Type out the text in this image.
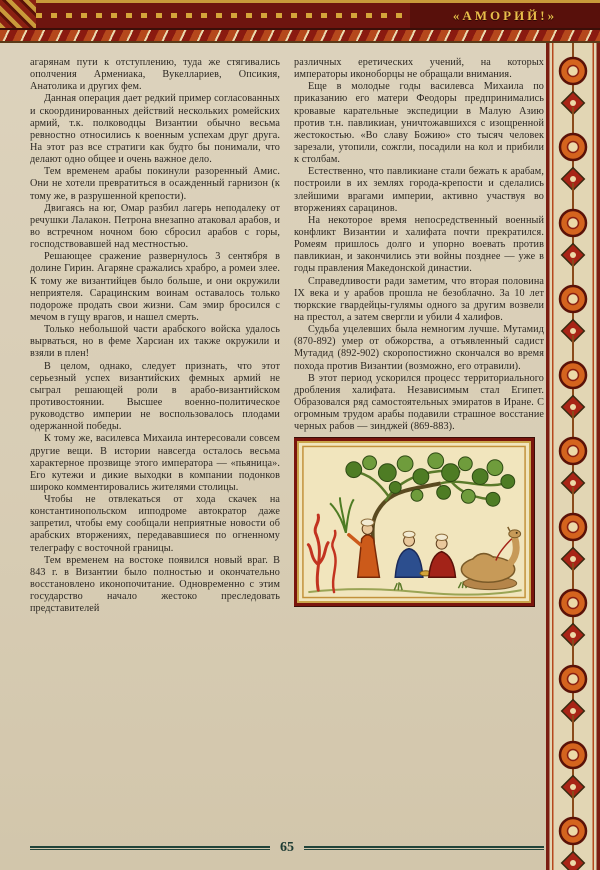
«АМОРИЙ!»

агарянам пути к отступлению, туда же стягивались ополчения Армениака, Вукеллариев, Опсикия, Анатолика и других фем.

Данная операция дает редкий пример согласованных и скоординированных действий нескольких ромейских армий, т.к. полководцы Византии обычно весьма ревностно относились к военным успехам друг друга. На этот раз все стратиги как будто бы понимали, что делают одно общее и очень важное дело.

Тем временем арабы покинули разоренный Амис. Они не хотели превратиться в осажденный гарнизон (к тому же, в разрушенной крепости).

Двигаясь на юг, Омар разбил лагерь неподалеку от речушки Лалакон. Петрона внезапно атаковал арабов, и во встречном ночном бою сбросил арабов с горы, господствовавшей над местностью.

Решающее сражение развернулось 3 сентября в долине Гирин. Агаряне сражались храбро, а ромеи злее. К тому же византийцев было больше, и они окружили неприятеля. Сарацинским воинам оставалось только подороже продать свои жизни. Сам эмир бросился с мечом в гущу врагов, и нашел смерть.

Только небольшой части арабского войска удалось вырваться, но в феме Харсиан их также окружили и взяли в плен!

В целом, однако, следует признать, что этот серьезный успех византийских фемных армий не сыграл решающей роли в арабо-византийском противостоянии. Высшее военно-политическое руководство империи не воспользовалось плодами одержанной победы.

К тому же, василевса Михаила интересовали совсем другие вещи. В истории навсегда осталось весьма характерное прозвище этого императора — «пьяница». Его кутежи и дикие выходки в компании подонков широко комментировались жителями столицы.

Чтобы не отвлекаться от хода скачек на константинопольском ипподроме автократор даже запретил, чтобы ему сообщали неприятные новости об арабских вторжениях, передававшиеся по огненному телеграфу с восточной границы.

Тем временем на востоке появился новый враг. В 843 г. в Византии было полностью и окончательно восстановлено иконопочитание. Одновременно с этим государство начало жестоко преследовать представителей

различных еретических учений, на которых императоры иконоборцы не обращали внимания.

Еще в молодые годы василевса Михаила по приказанию его матери Феодоры предпринимались кровавые карательные экспедиции в Малую Азию против т.н. павликиан, уничтожавшихся с изощренной жестокостью. «Во славу Божию» сто тысяч человек зарезали, утопили, сожгли, посадили на кол и прибили к столбам.

Естественно, что павликиане стали бежать к арабам, построили в их землях города-крепости и сделались злейшими врагами империи, активно участвуя во вторжениях сарацинов.

На некоторое время непосредственный военный конфликт Византии и халифата почти прекратился. Ромеям пришлось долго и упорно воевать против павликиан, и закончились эти войны позднее — уже в годы правления Македонской династии.

Справедливости ради заметим, что вторая половина IX века и у арабов прошла не безоблачно. За 10 лет тюркские гвардейцы-гулямы одного за другим возвели на престол, а затем свергли и убили 4 халифов.

Судьба уцелевших была немногим лучше. Мутамид (870-892) умер от обжорства, а отъявленный садист Мутадид (892-902) скоропостижно скончался во время похода против Византии (возможно, его отравили).

В этот период ускорился процесс территориального дробления халифата. Независимым стал Египет. Образовался ряд самостоятельных эмиратов в Иране. С огромным трудом арабы подавили страшное восстание черных рабов — зинджей (869-883).

65
